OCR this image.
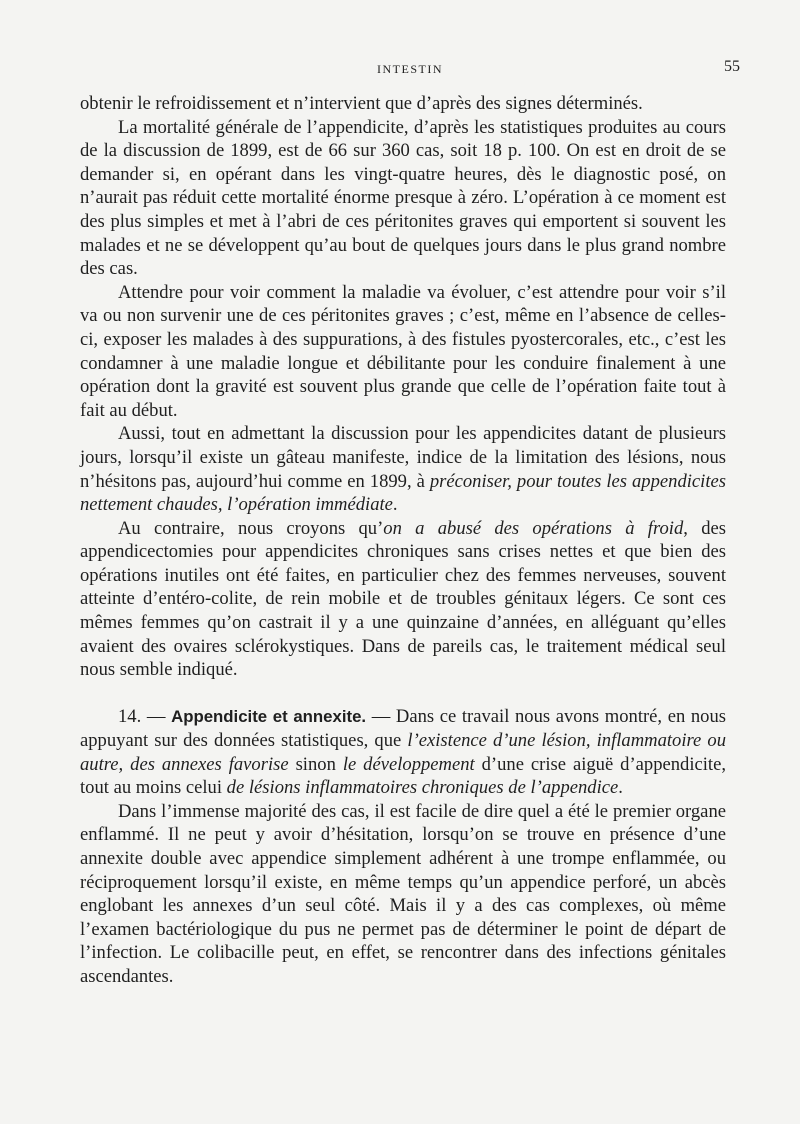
INTESTIN	55

obtenir le refroidissement et n’intervient que d’après des signes déterminés.

La mortalité générale de l’appendicite, d’après les statistiques produites au cours de la discussion de 1899, est de 66 sur 360 cas, soit 18 p. 100. On est en droit de se demander si, en opérant dans les vingt-quatre heures, dès le diagnostic posé, on n’aurait pas réduit cette mortalité énorme presque à zéro. L’opération à ce moment est des plus simples et met à l’abri de ces péritonites graves qui emportent si souvent les malades et ne se développent qu’au bout de quelques jours dans le plus grand nombre des cas.

Attendre pour voir comment la maladie va évoluer, c’est attendre pour voir s’il va ou non survenir une de ces péritonites graves ; c’est, même en l’absence de celles-ci, exposer les malades à des suppurations, à des fistules pyostercorales, etc., c’est les condamner à une maladie longue et débilitante pour les conduire finalement à une opération dont la gravité est souvent plus grande que celle de l’opération faite tout à fait au début.

Aussi, tout en admettant la discussion pour les appendicites datant de plusieurs jours, lorsqu’il existe un gâteau manifeste, indice de la limitation des lésions, nous n’hésitons pas, aujourd’hui comme en 1899, à préconiser, pour toutes les appendicites nettement chaudes, l’opération immédiate.

Au contraire, nous croyons qu’on a abusé des opérations à froid, des appendicectomies pour appendicites chroniques sans crises nettes et que bien des opérations inutiles ont été faites, en particulier chez des femmes nerveuses, souvent atteinte d’entéro-colite, de rein mobile et de troubles génitaux légers. Ce sont ces mêmes femmes qu’on castrait il y a une quinzaine d’années, en alléguant qu’elles avaient des ovaires sclérokystiques. Dans de pareils cas, le traitement médical seul nous semble indiqué.

14. — Appendicite et annexite. — Dans ce travail nous avons montré, en nous appuyant sur des données statistiques, que l’existence d’une lésion, inflammatoire ou autre, des annexes favorise sinon le développement d’une crise aiguë d’appendicite, tout au moins celui de lésions inflammatoires chroniques de l’appendice.

Dans l’immense majorité des cas, il est facile de dire quel a été le premier organe enflammé. Il ne peut y avoir d’hésitation, lorsqu’on se trouve en présence d’une annexite double avec appendice simplement adhérent à une trompe enflammée, ou réciproquement lorsqu’il existe, en même temps qu’un appendice perforé, un abcès englobant les annexes d’un seul côté. Mais il y a des cas complexes, où même l’examen bactériologique du pus ne permet pas de déterminer le point de départ de l’infection. Le colibacille peut, en effet, se rencontrer dans des infections génitales ascendantes.
